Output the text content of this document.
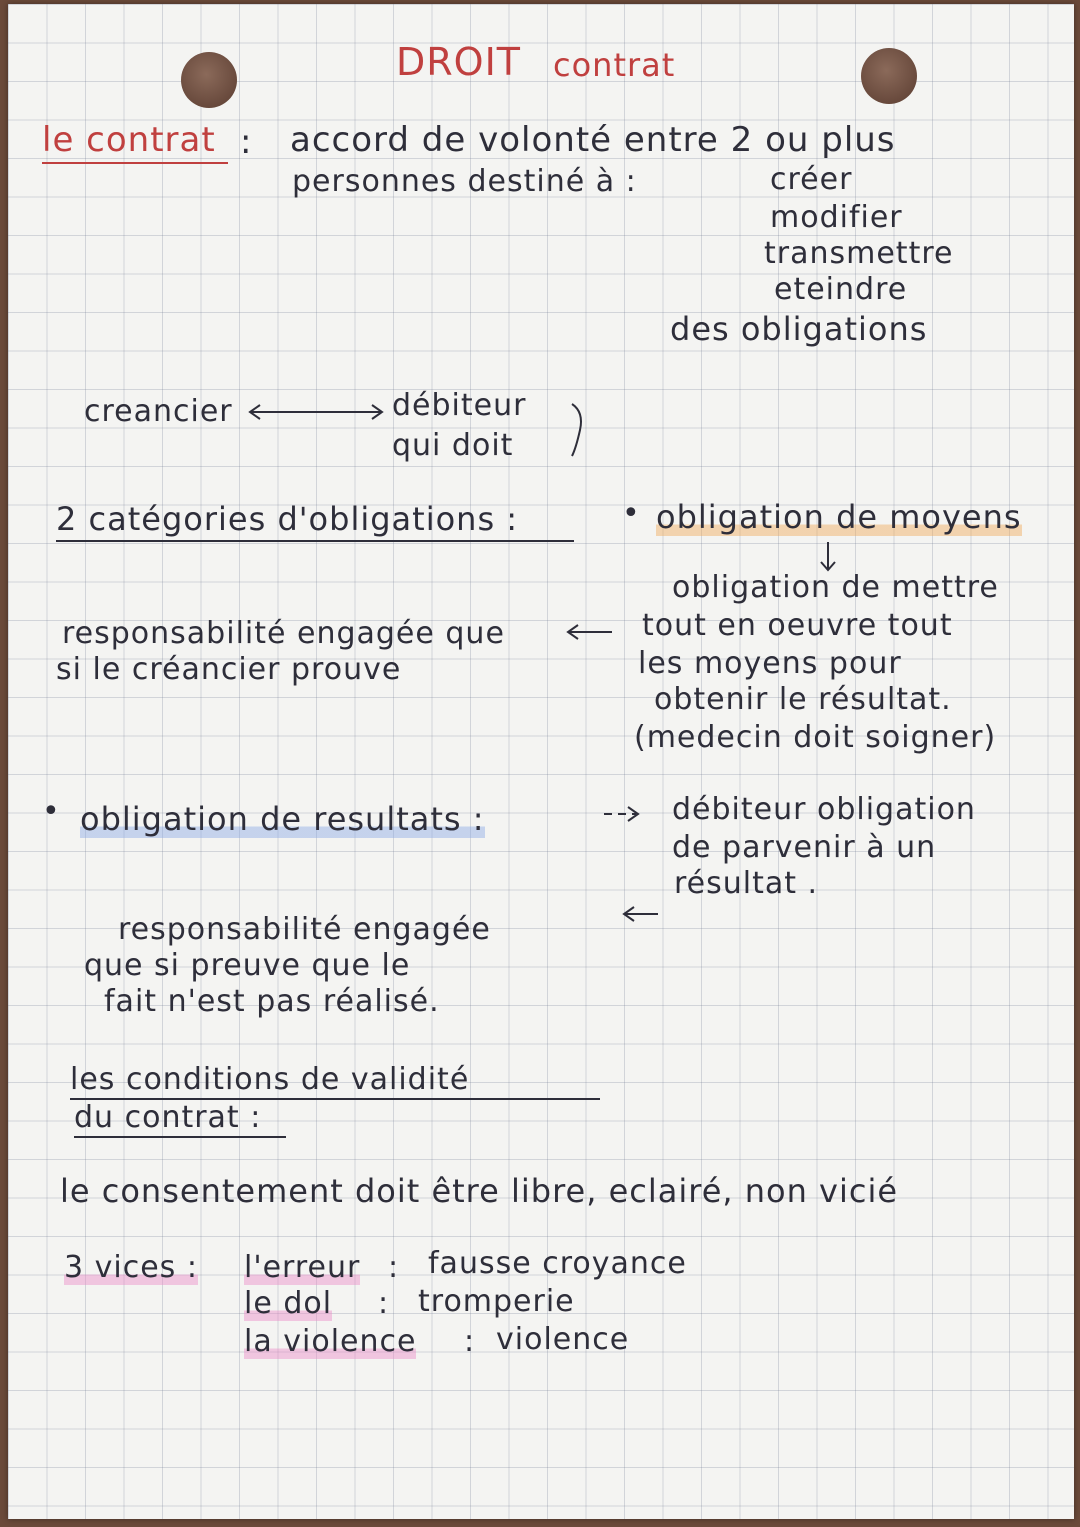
DROIT contrat
le contrat : accord de volonté entre 2 ou plus
personnes destiné à :	créer
modifier
transmettre
eteindre
des obligations
creancier	débiteur
qui doit
2 catégories d'obligations :	• obligation de moyens
obligation de mettre
tout en oeuvre tout
les moyens pour
obtenir le résultat.
(medecin doit soigner)
responsabilité engagée que
si le créancier prouve
• obligation de resultats :	débiteur obligation
de parvenir à un
résultat .
responsabilité engagée
que si preuve que le
fait n'est pas réalisé.
les conditions de validité
du contrat :
le consentement doit être libre, eclairé, non vicié
3 vices : l'erreur : fausse croyance
le dol : tromperie
la violence : violence
